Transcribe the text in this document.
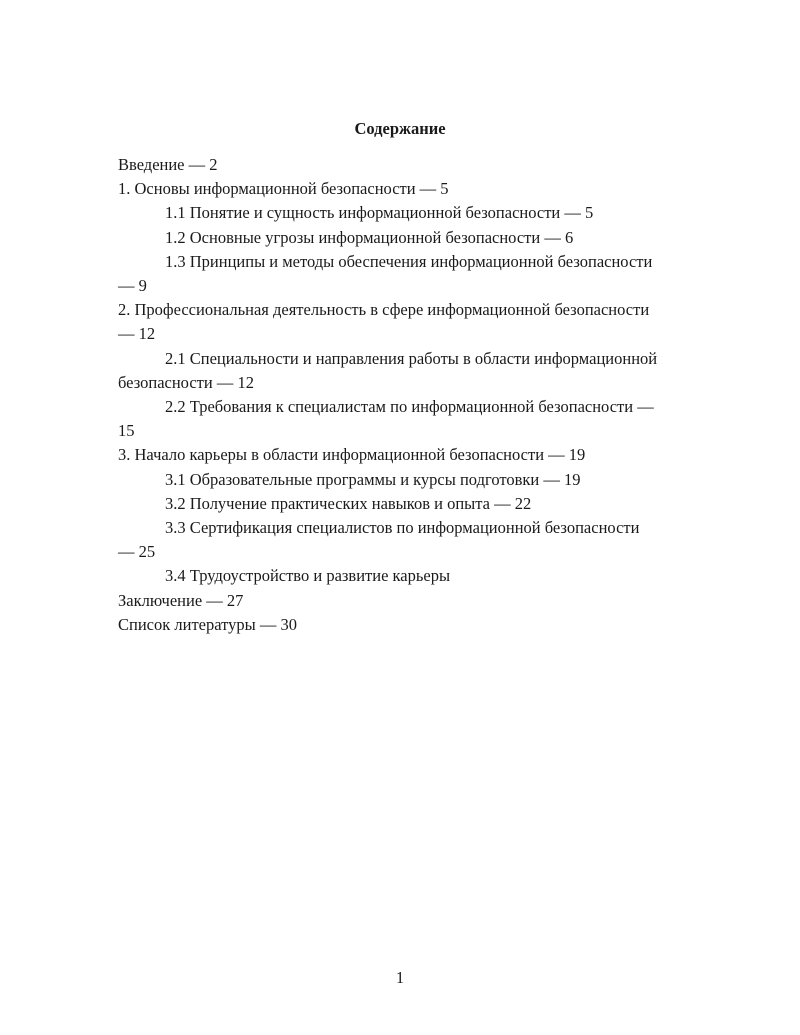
Содержание
Введение — 2
1. Основы информационной безопасности — 5
1.1 Понятие и сущность информационной безопасности — 5
1.2 Основные угрозы информационной безопасности — 6
1.3 Принципы и методы обеспечения информационной безопасности — 9
2. Профессиональная деятельность в сфере информационной безопасности — 12
2.1 Специальности и направления работы в области информационной безопасности — 12
2.2 Требования к специалистам по информационной безопасности — 15
3. Начало карьеры в области информационной безопасности — 19
3.1 Образовательные программы и курсы подготовки — 19
3.2 Получение практических навыков и опыта — 22
3.3 Сертификация специалистов по информационной безопасности — 25
3.4 Трудоустройство и развитие карьеры
Заключение — 27
Список литературы — 30
1
